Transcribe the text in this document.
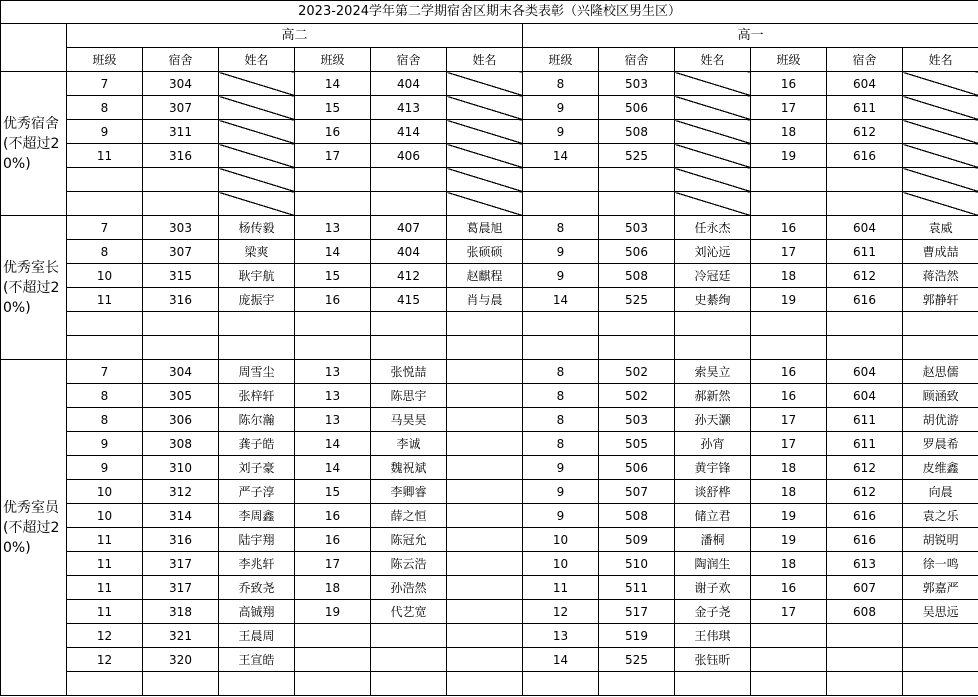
2023-2024学年第二学期宿舍区期末各类表彰（兴隆校区男生区）												
	高二						高一					
	班级	宿舍	姓名	班级	宿舍	姓名	班级	宿舍	姓名	班级	宿舍	姓名
优秀宿舍(不超过20%)	7	304		14	404		8	503		16	604	
	8	307		15	413		9	506		17	611	
	9	311		16	414		9	508		18	612	
	11	316		17	406		14	525		19	616	

优秀室长(不超过20%)	7	303	杨传毅	13	407	葛晨旭	8	503	任永杰	16	604	袁威
	8	307	梁爽	14	404	张硕硕	9	506	刘沁远	17	611	曹成喆
	10	315	耿宇航	15	412	赵麒程	9	508	冷冠廷	18	612	蒋浩然
	11	316	庞振宇	16	415	肖与晨	14	525	史綦绚	19	616	郭静轩

优秀室员(不超过20%)	7	304	周雪尘	13	张悦喆		8	502	索昊立	16	604	赵思儒
	8	305	张梓轩	13	陈思宇		8	502	郝新然	16	604	顾涵致
	8	306	陈尔瀚	13	马昊昊		8	503	孙天灏	17	611	胡优游
	9	308	龚子皓	14	李诚		8	505	孙宵	17	611	罗晨希
	9	310	刘子豪	14	魏祝斌		9	506	黄宇锋	18	612	皮维鑫
	10	312	严子淳	15	李卿睿		9	507	谈舒桦	18	612	向晨
	10	314	李周鑫	16	薛之恒		9	508	储立君	19	616	袁之乐
	11	316	陆宇翔	16	陈冠允		10	509	潘桐	19	616	胡锐明
	11	317	李兆轩	17	陈云浩		10	510	陶润生	18	613	徐一鸣
	11	317	乔致尧	18	孙浩然		11	511	谢子欢	16	607	郭嘉严
	11	318	高铖翔	19	代艺宽		12	517	金子尧	17	608	吴思远
	12	321	王晨周				13	519	王伟琪			
	12	320	王宣皓				14	525	张钰昕			
